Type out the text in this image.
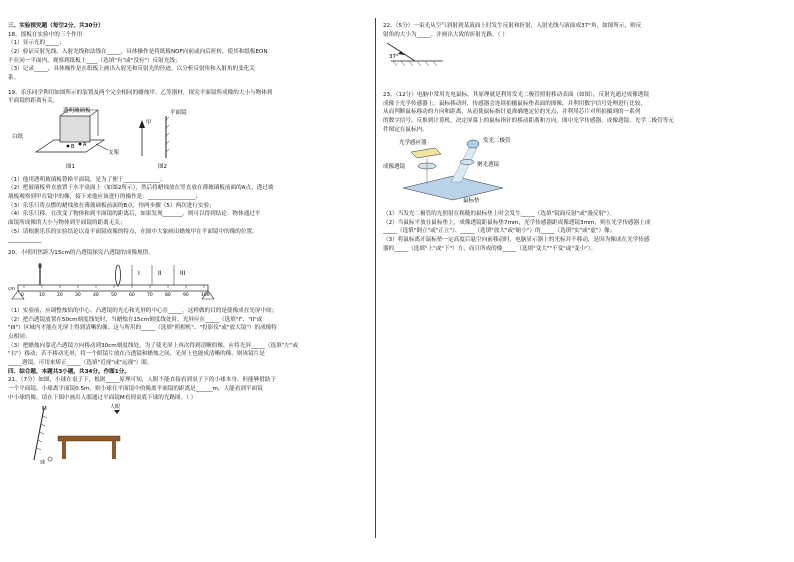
三、实验探究题（每空2分，共30分）

18、摇板在实验中的三个作用

（1）显示光的_____；

（2）验证反射光线、入射光线和法线在_____，具体操作是将纸板NOF向前或向后折转，使其和纸板EON

不在同一平面内，观察到纸板上____（选填"有"或"没有"）反射光线；

（3）记录_____，具体操作是在纸板上画出入射光和反射光的径迹，以分析反射角和入射角的变化关

系。

19、乐乐同学利用如图所示的装置及两个完全相同的蜡烛甲、乙等器材，探究平面镜所成像的大小与物体到

平面镜的距离有关。

透明玻璃板
白纸
支架
B A
图1
甲
平面镜
图2

（1）他用透明玻璃板替换平面镜，是为了便于_____________；

（2）把玻璃板垂直放置于水平桌面上（如图2所示），然后将蜡烛放在竖直放在薄玻璃板前面的A点，透过玻

璃板观察到甲在镜中的像，接下来他应该进行的操作是：_________________；

（3）乐乐只将点燃的蜡烛放在薄玻璃板前面的B点，你两步骤（5）两次进行实验；

（4）乐乐只移，在改变了物体和到平面镜的距离后，如果发现_______，则可以得到结论：物体通过平

面镜所成像的大小与物体到平面镜的距离无关；

（5）请根据乐乐的实验结论以及平面镜成像的特点，在图中大象画出蜡烛甲在平面镜中的像的位置。

____________

20、小明用焦距为15cm的凸透镜探究凸透镜的成像规律。

I	II	III
0	10	20	30	40	50	60	70	80	90	100
cm

（1）实验前，应调整烛焰的中心、凸透镜的光心和光屏的中心在_____，这样做的目的是使像成在光屏中间；

（2）把凸透镜放置在50cm刻度线处时，当蜡烛在15cm刻度线处时，光屏应在_____（选填"I"、"II"或

"III"）区域内才能在光屏上得到清晰的像；这与所用的_____（选填"照相机"、"投影仪"或"放大镜"）的成像特

点相同；

（3）把蜡烛向靠近凸透镜方向移动到30cm刻度线处，为了使光屏上再次得到清晰的像，应将光屏_____（选填"左"或

"右"）移动；若不移动光屏，将一个眼镜片放在凸透镜和蜡烛之间，光屏上也能成清晰的像，则该镜片是

_____透镜，可用来矫正_____（选填"近视"或"远视"）眼。

四、综合题，本题共3小题，共34分。作图1分。

21、（7分）如图，小球在桌子下，根据_____原理可知，人眼不能直接看到桌子下的小球本身，但能够借助于

一个平面镜。小球离平面镜0.5m，则小球在平面镜中的像离平面镜的距离是______m，人能看到平面镜

中小球的像，请在下图中画出人眼通过平面镜M看到桌底下球的光路图。（ ）

M
球
人眼

22、（5分）一束光从空气斜射到某液面上时发生反射和折射，入射光线与液面成37°角，如图所示，则反

射角的大小为_____。并画出大致的折射光路。（ ）

37°

23、（12分）电脑中常用光电鼠标，其原理就是利用发光二极管照射移动表面（如图），反射光通过成像透镜

成像于光学传感器上。鼠标移动时，传感器会连续拍摄鼠标垫表面的图像，并利用数字信号处理进行比较，

从而判断鼠标移动的方向和距离，从而使鼠标指针更准确地定位的光点，并利用芯片对所拍摄到的一系列

的数字信号，反推到计算机，决定屏幕上的鼠标指针的移动距离和方向。图中光学传感器、成像透镜、光学二极管等元

件图定在鼠标内。

发光二极管
光学感应器
成像透镜	聚光透镜
鼠标垫

（1）当发光二极管的光照射在粗糙的鼠标垫上时会发生_____（选填"镜面反射"或"漫反射"）。

（2）当鼠标平放在鼠标垫上，成像透镜距鼠标垫7mm，光学传感器距成像透镜3mm，则在光学传感器上成

_____（选填"倒立"或"正立"）、_____（选填"放大"或"缩小"）的_____（选填"实"或"虚"）像；

（3）将鼠标离开鼠标垫一定高度后悬空向前移动时，电脑显示器上的光标并不移动，是因为像成在光学传感

器的_____（选填"上"或"下"）方，而且所成的像_____（选填"变大""不变"或"变小"）。
